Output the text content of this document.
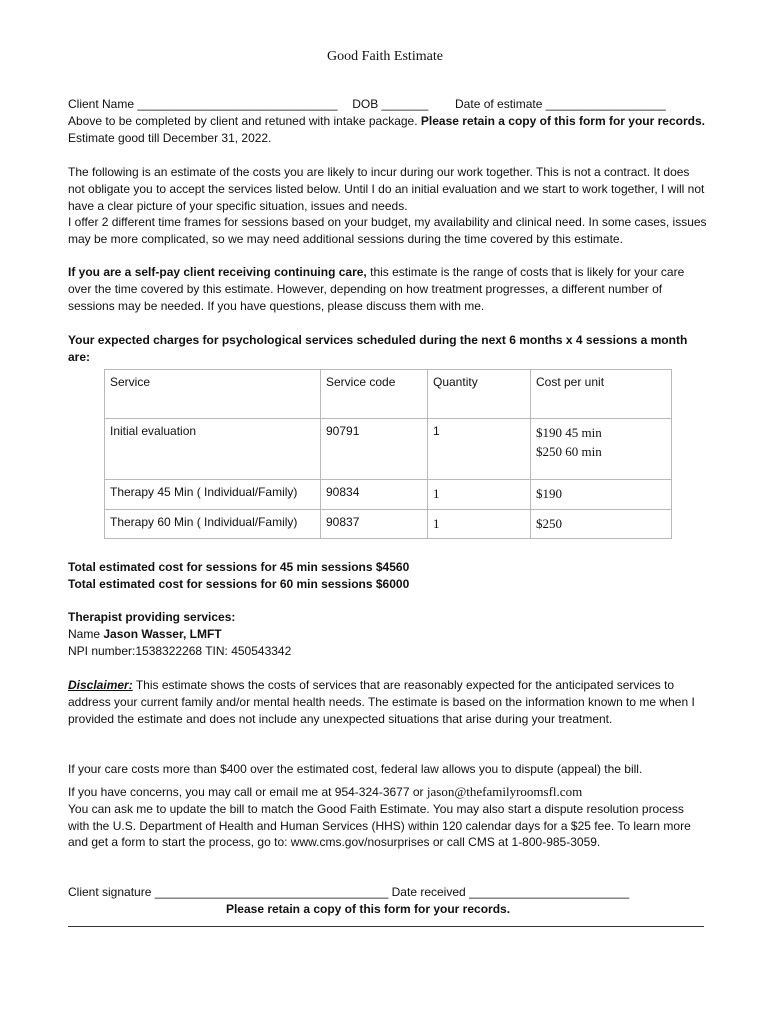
Good Faith Estimate
Client Name ______________________________ DOB _______ Date of estimate __________________

Above to be completed by client and retuned with intake package. Please retain a copy of this form for your records. Estimate good till December 31, 2022.

The following is an estimate of the costs you are likely to incur during our work together. This is not a contract. It does not obligate you to accept the services listed below. Until I do an initial evaluation and we start to work together, I will not have a clear picture of your specific situation, issues and needs.

I offer 2 different time frames for sessions based on your budget, my availability and clinical need. In some cases, issues may be more complicated, so we may need additional sessions during the time covered by this estimate.

If you are a self-pay client receiving continuing care, this estimate is the range of costs that is likely for your care over the time covered by this estimate. However, depending on how treatment progresses, a different number of sessions may be needed. If you have questions, please discuss them with me.

Your expected charges for psychological services scheduled during the next 6 months x 4 sessions a month are:
Service	Service code	Quantity	Cost per unit
Initial evaluation	90791	1	$190 45 min
$250 60 min

Therapy 45 Min ( Individual/Family)	90834	1	$190
Therapy 60 Min ( Individual/Family)	90837	1	$250

Total estimated cost for sessions for 45 min sessions $4560

Total estimated cost for sessions for 60 min sessions $6000

Therapist providing services:

Name Jason Wasser, LMFT

NPI number:1538322268 TIN: 450543342

Disclaimer: This estimate shows the costs of services that are reasonably expected for the anticipated services to address your current family and/or mental health needs. The estimate is based on the information known to me when I provided the estimate and does not include any unexpected situations that arise during your treatment.

If your care costs more than $400 over the estimated cost, federal law allows you to dispute (appeal) the bill.

If you have concerns, you may call or email me at 954-324-3677 or jason@thefamilyroomsfl.com

You can ask me to update the bill to match the Good Faith Estimate. You may also start a dispute resolution process with the U.S. Department of Health and Human Services (HHS) within 120 calendar days for a $25 fee. To learn more and get a form to start the process, go to: www.cms.gov/nosurprises or call CMS at 1-800-985-3059.

Client signature ___________________________________ Date received ________________________
Please retain a copy of this form for your records.
